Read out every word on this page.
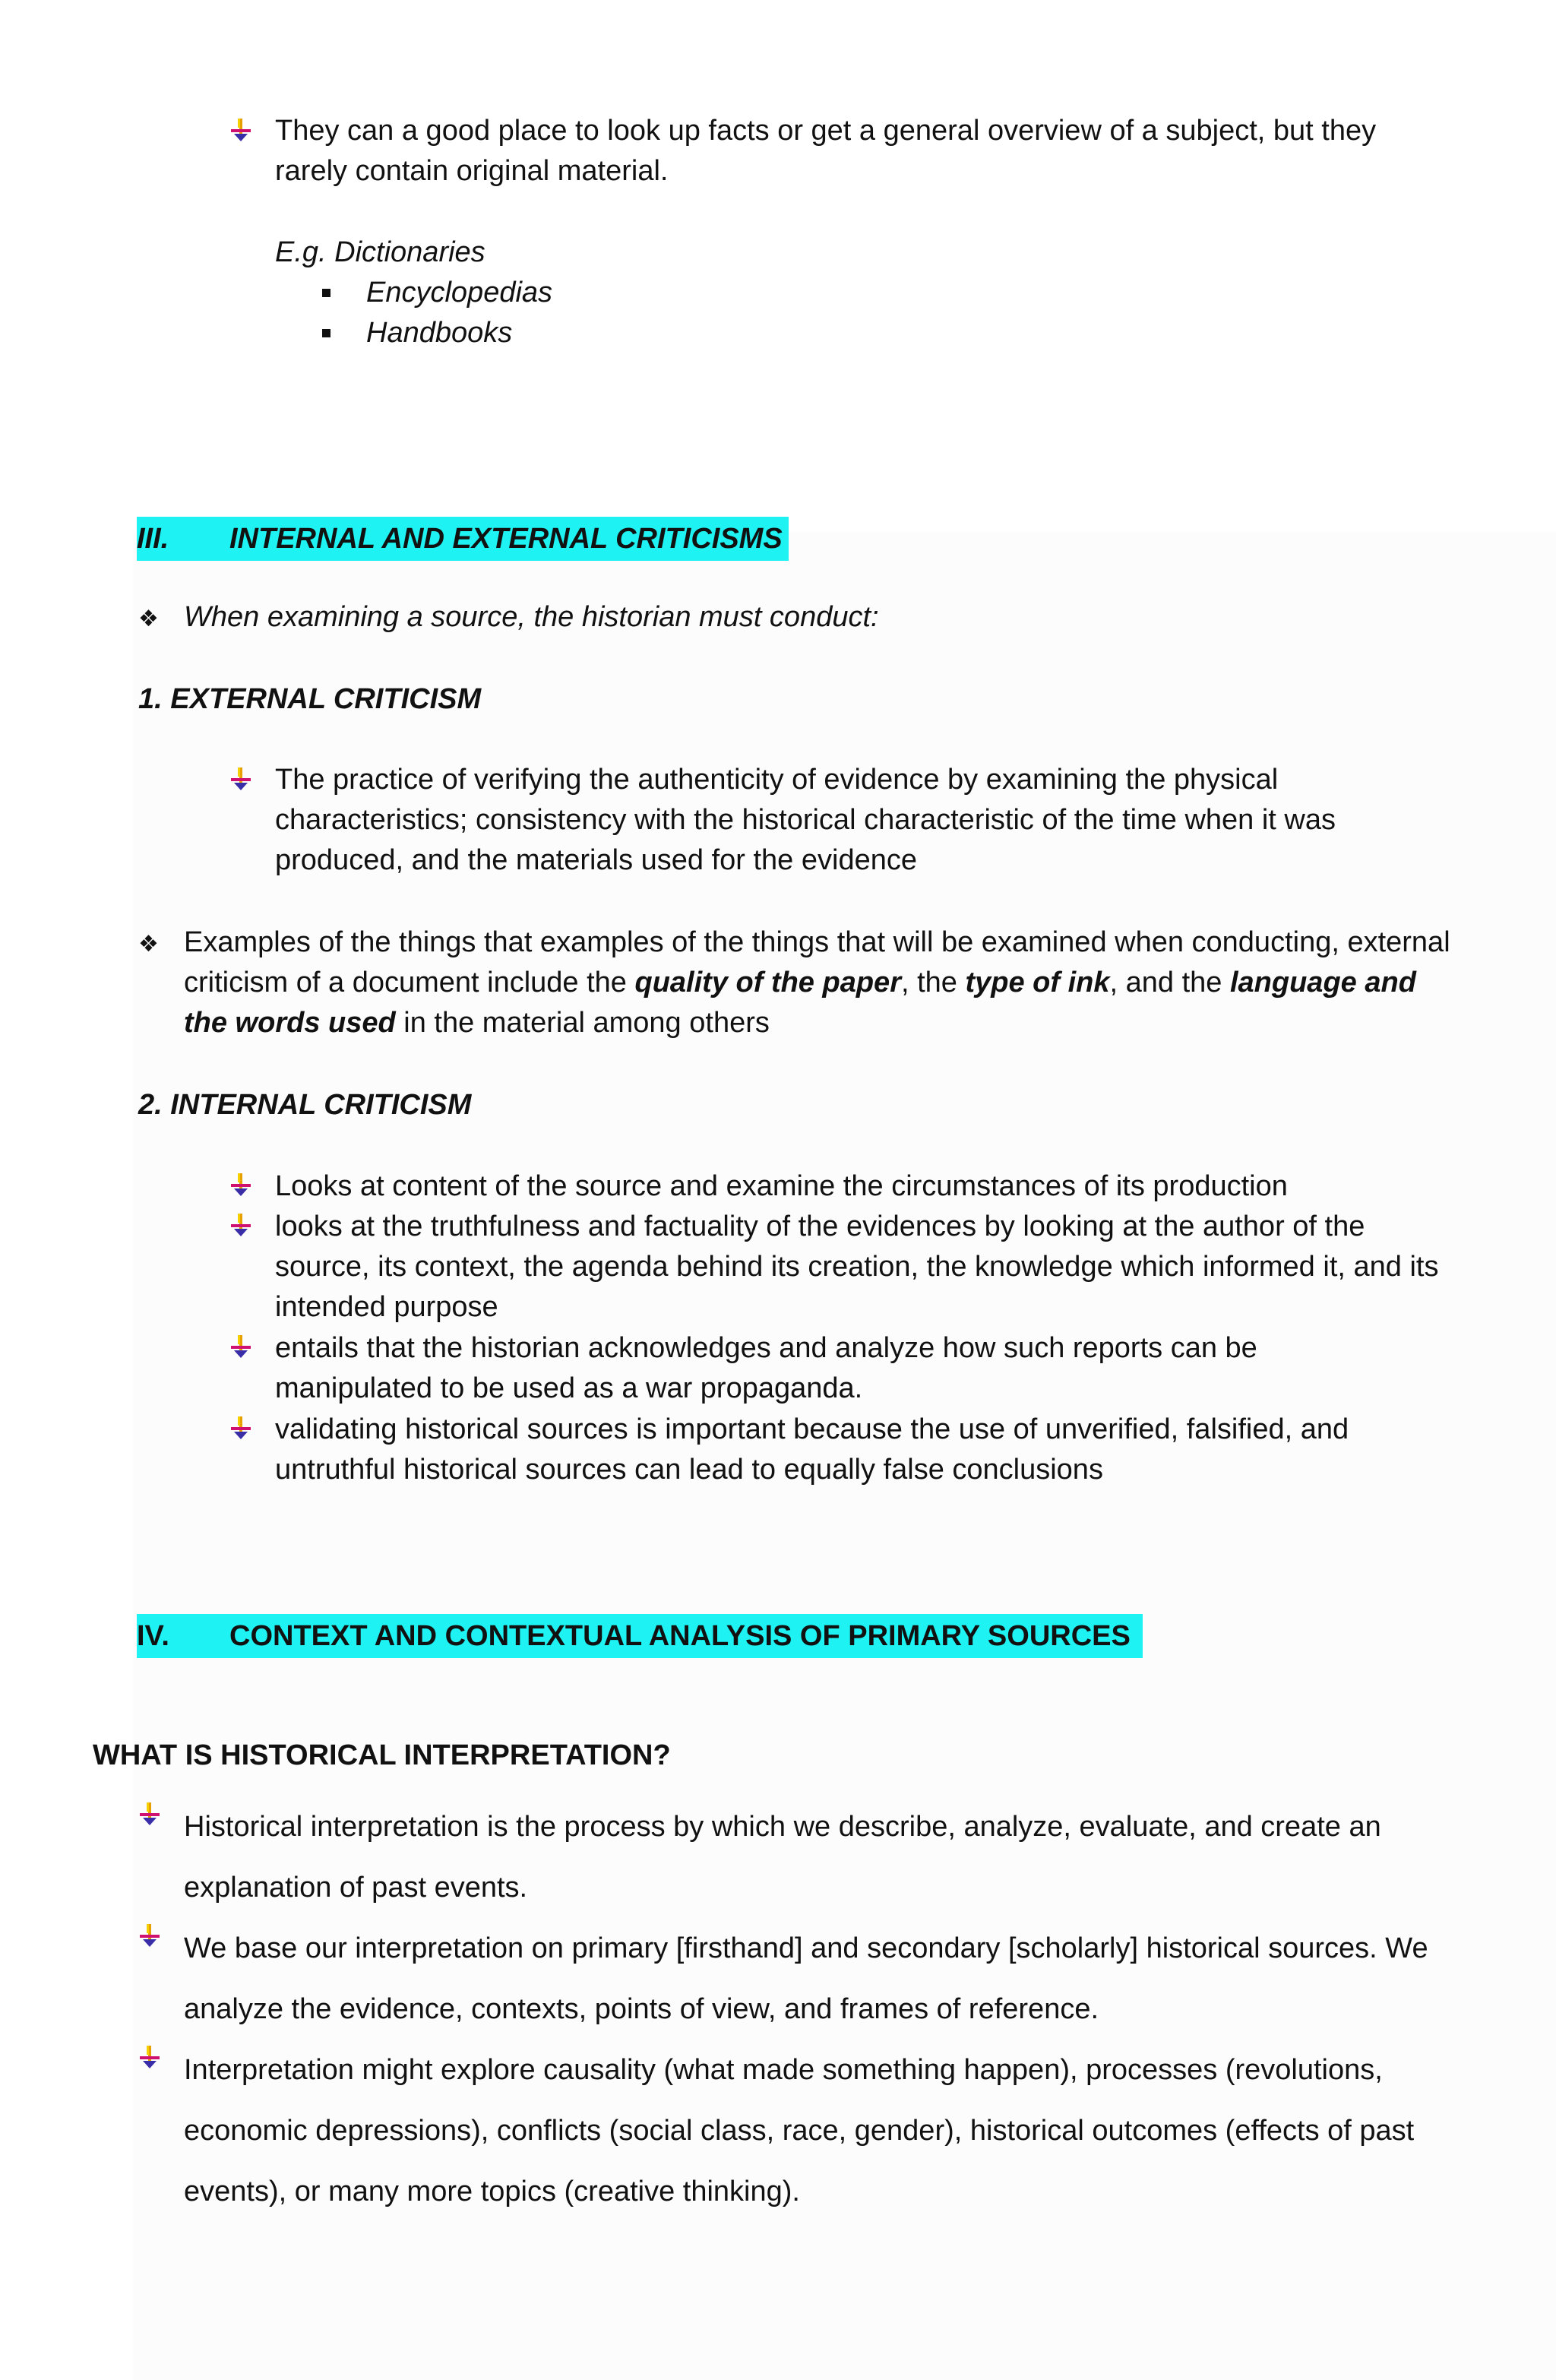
They can a good place to look up facts or get a general overview of a subject, but they rarely contain original material.
E.g. Dictionaries
Encyclopedias
Handbooks
III. INTERNAL AND EXTERNAL CRITICISMS
❖ When examining a source, the historian must conduct:
1. EXTERNAL CRITICISM
The practice of verifying the authenticity of evidence by examining the physical characteristics; consistency with the historical characteristic of the time when it was produced, and the materials used for the evidence
❖ Examples of the things that examples of the things that will be examined when conducting, external criticism of a document include the quality of the paper, the type of ink, and the language and the words used in the material among others
2. INTERNAL CRITICISM
Looks at content of the source and examine the circumstances of its production
looks at the truthfulness and factuality of the evidences by looking at the author of the source, its context, the agenda behind its creation, the knowledge which informed it, and its intended purpose
entails that the historian acknowledges and analyze how such reports can be manipulated to be used as a war propaganda.
validating historical sources is important because the use of unverified, falsified, and untruthful historical sources can lead to equally false conclusions
IV. CONTEXT AND CONTEXTUAL ANALYSIS OF PRIMARY SOURCES
WHAT IS HISTORICAL INTERPRETATION?
Historical interpretation is the process by which we describe, analyze, evaluate, and create an explanation of past events.
We base our interpretation on primary [firsthand] and secondary [scholarly] historical sources. We analyze the evidence, contexts, points of view, and frames of reference.
Interpretation might explore causality (what made something happen), processes (revolutions, economic depressions), conflicts (social class, race, gender), historical outcomes (effects of past events), or many more topics (creative thinking).
